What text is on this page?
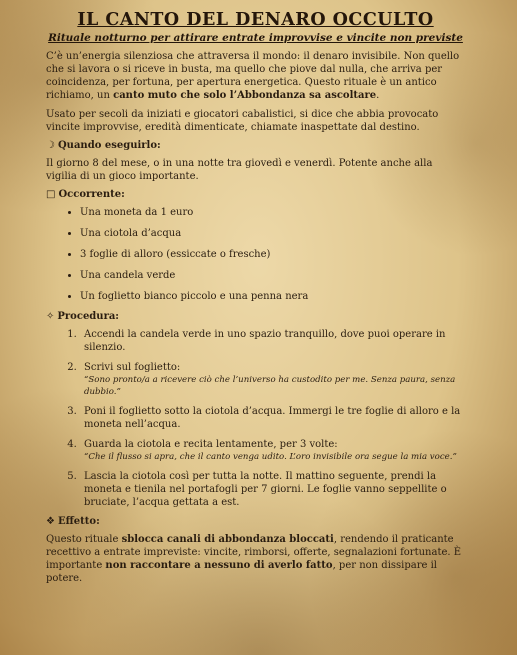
IL CANTO DEL DENARO OCCULTO
Rituale notturno per attirare entrate improvvise e vincite non previste

C’è un’energia silenziosa che attraversa il mondo: il denaro invisibile. Non quello che si lavora o si riceve in busta, ma quello che piove dal nulla, che arriva per coincidenza, per fortuna, per apertura energetica. Questo rituale è un antico richiamo, un canto muto che solo l’Abbondanza sa ascoltare.

Usato per secoli da iniziati e giocatori cabalistici, si dice che abbia provocato vincite improvvise, eredità dimenticate, chiamate inaspettate dal destino.

☽ Quando eseguirlo:

Il giorno 8 del mese, o in una notte tra giovedì e venerdì. Potente anche alla vigilia di un gioco importante.

□ Occorrente:
• Una moneta da 1 euro
• Una ciotola d’acqua
• 3 foglie di alloro (essiccate o fresche)
• Una candela verde
• Un foglietto bianco piccolo e una penna nera
✧ Procedura:
1. Accendi la candela verde in uno spazio tranquillo, dove puoi operare in silenzio.
2. Scrivi sul foglietto:
“Sono pronto/a a ricevere ciò che l’universo ha custodito per me. Senza paura, senza dubbio.”
3. Poni il foglietto sotto la ciotola d’acqua. Immergi le tre foglie di alloro e la moneta nell’acqua.
4. Guarda la ciotola e recita lentamente, per 3 volte:
“Che il flusso si apra, che il canto venga udito. L’oro invisibile ora segue la mia voce.”
5. Lascia la ciotola così per tutta la notte. Il mattino seguente, prendi la moneta e tienila nel portafogli per 7 giorni. Le foglie vanno seppellite o bruciate, l’acqua gettata a est.
❖ Effetto:

Questo rituale sblocca canali di abbondanza bloccati, rendendo il praticante recettivo a entrate impreviste: vincite, rimborsi, offerte, segnalazioni fortunate. È importante non raccontare a nessuno di averlo fatto, per non dissipare il potere.
